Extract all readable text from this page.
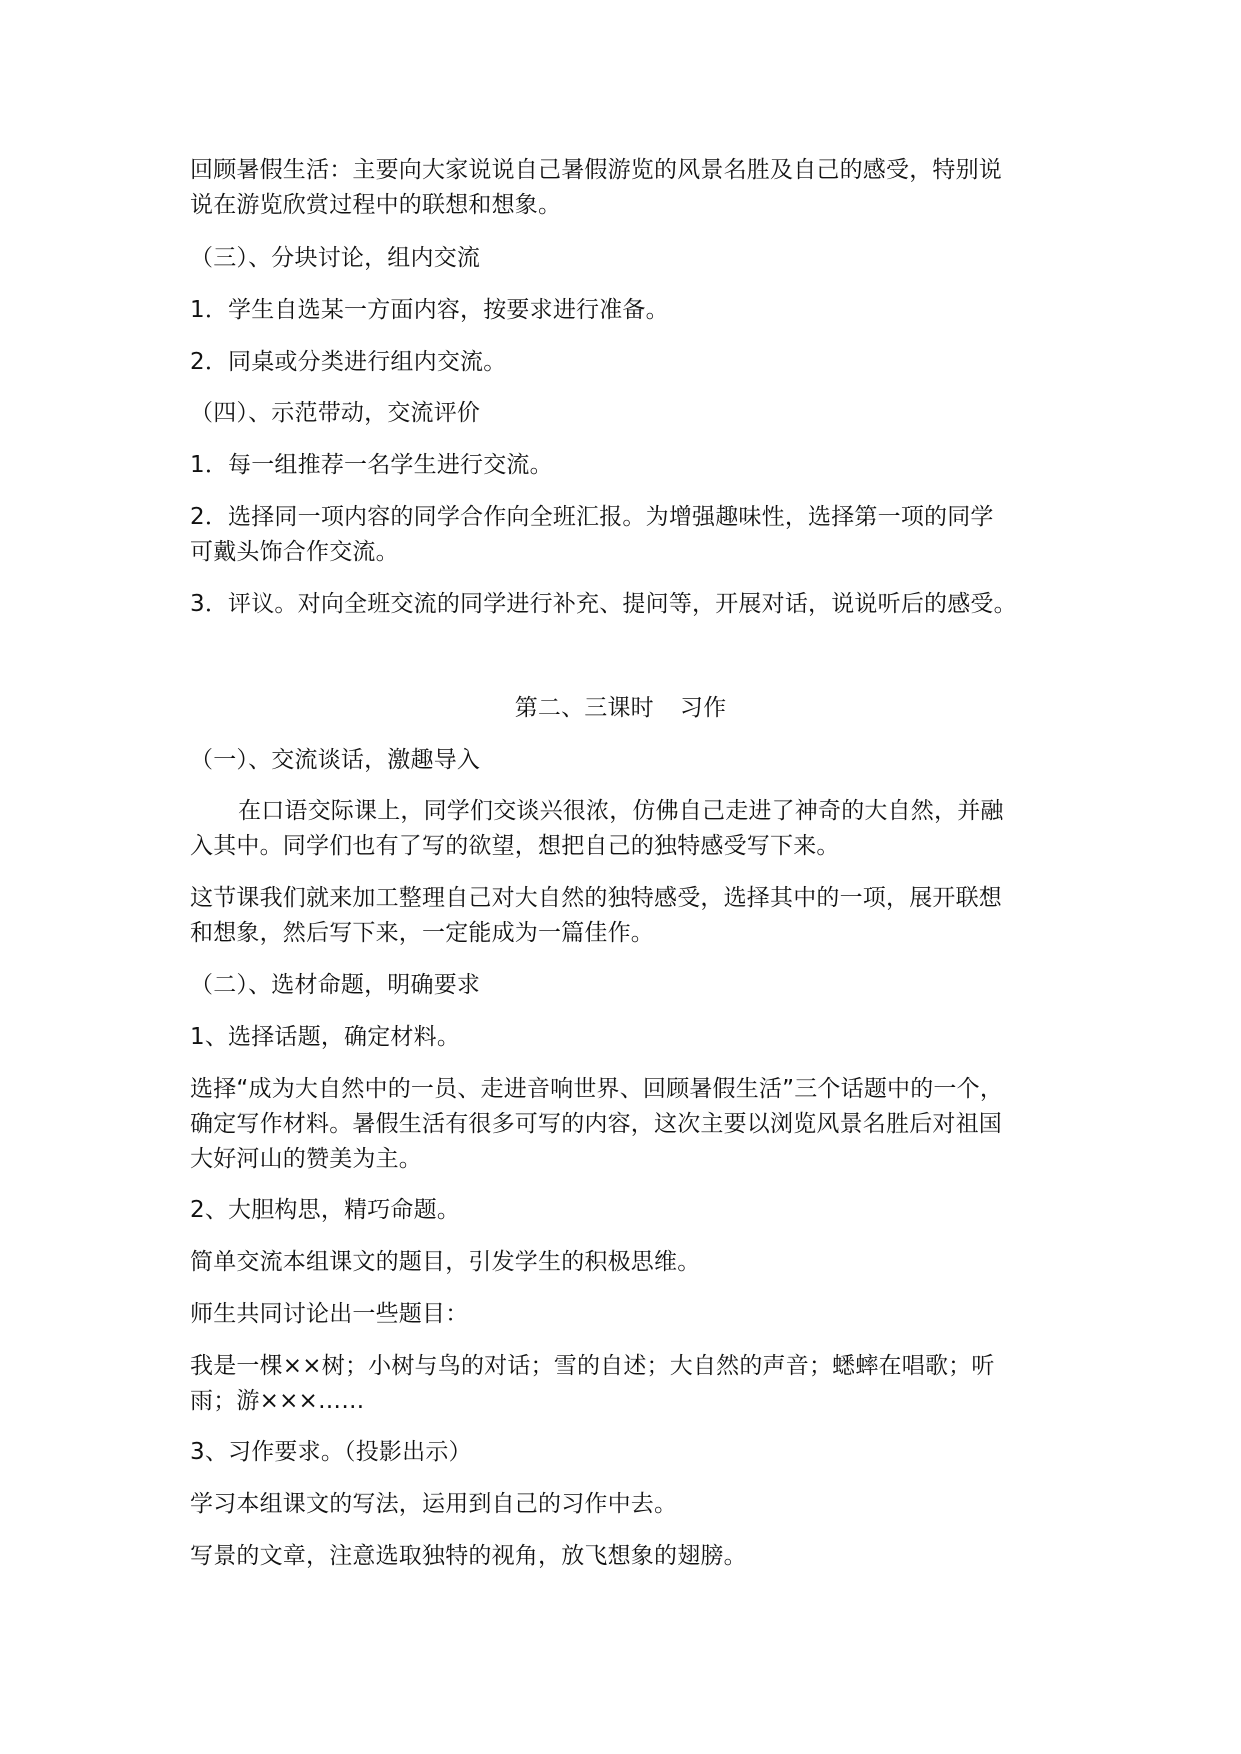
回顾暑假生活：主要向大家说说自己暑假游览的风景名胜及自己的感受，特别说
说在游览欣赏过程中的联想和想象。
（三）、分块讨论，组内交流
1．学生自选某一方面内容，按要求进行准备。
2．同桌或分类进行组内交流。
（四）、示范带动，交流评价
1．每一组推荐一名学生进行交流。
2．选择同一项内容的同学合作向全班汇报。为增强趣味性，选择第一项的同学
可戴头饰合作交流。
3．评议。对向全班交流的同学进行补充、提问等，开展对话，说说听后的感受。
第二、三课时 习作
（一）、交流谈话，激趣导入
在口语交际课上，同学们交谈兴很浓，仿佛自己走进了神奇的大自然，并融
入其中。同学们也有了写的欲望，想把自己的独特感受写下来。
这节课我们就来加工整理自己对大自然的独特感受，选择其中的一项，展开联想
和想象，然后写下来，一定能成为一篇佳作。
（二）、选材命题，明确要求
1、选择话题，确定材料。
选择“成为大自然中的一员、走进音响世界、回顾暑假生活”三个话题中的一个，
确定写作材料。暑假生活有很多可写的内容，这次主要以浏览风景名胜后对祖国
大好河山的赞美为主。
2、大胆构思，精巧命题。
简单交流本组课文的题目，引发学生的积极思维。
师生共同讨论出一些题目：
我是一棵××树；小树与鸟的对话；雪的自述；大自然的声音；蟋蟀在唱歌；听
雨；游×××……
3、习作要求。（投影出示）
学习本组课文的写法，运用到自己的习作中去。
写景的文章，注意选取独特的视角，放飞想象的翅膀。
